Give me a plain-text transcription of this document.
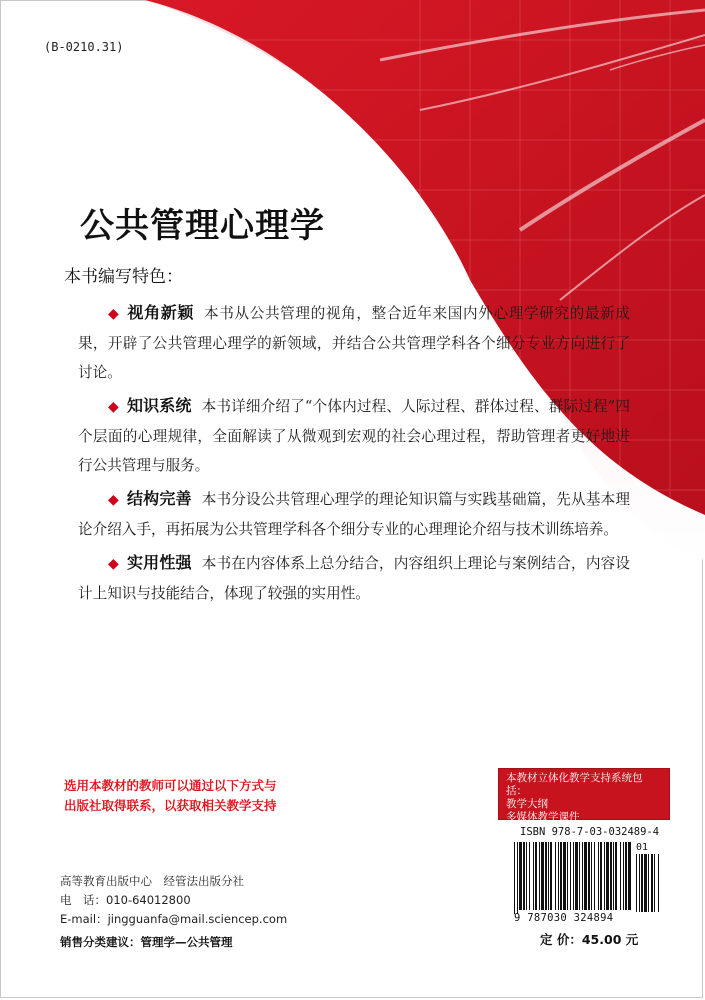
(B-0210.31)
公共管理心理学
本书编写特色：

◆ 视角新颖 本书从公共管理的视角，整合近年来国内外心理学研究的最新成果，开辟了公共管理心理学的新领域，并结合公共管理学科各个细分专业方向进行了讨论。

◆ 知识系统 本书详细介绍了“个体内过程、人际过程、群体过程、群际过程”四个层面的心理规律，全面解读了从微观到宏观的社会心理过程，帮助管理者更好地进行公共管理与服务。

◆ 结构完善 本书分设公共管理心理学的理论知识篇与实践基础篇，先从基本理论介绍入手，再拓展为公共管理学科各个细分专业的心理理论介绍与技术训练培养。

◆ 实用性强 本书在内容体系上总分结合，内容组织上理论与案例结合，内容设计上知识与技能结合，体现了较强的实用性。

选用本教材的教师可以通过以下方式与
出版社取得联系，以获取相关教学支持
本教材立体化教学支持系统包括：
教学大纲
多媒体教学课件
高等教育出版中心　经管法出版分社
电　话：010-64012800
E-mail：jingguanfa@mail.sciencep.com
销售分类建议：管理学—公共管理
ISBN 978-7-03-032489-4
01
9 787030 324894
定 价：45.00 元
